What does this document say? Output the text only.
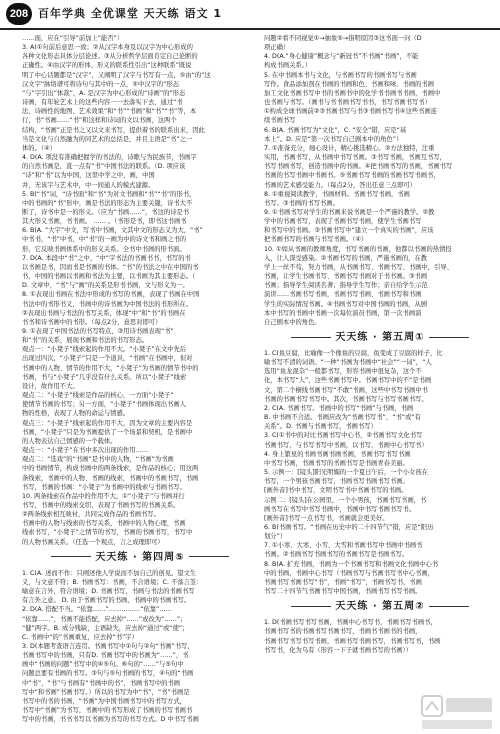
208 百年学典 全优课堂 天天练 语文 1

……面，应在“引导”前加上“能否”）

3. A(①句前后意思一致；②从汉字本身及以汉字为中心形成的

各种文化形态具体分层论述。③从分析哲学层面肯定自己论断的

正确性。④由汉字的形体、形义的联系性引出“这种联系”既说

明了中心话题都是“汉字”，又阐明了汉字与书写有一点，⑤由“的”这

汉文字“脉络谱可将诗句与其中的一点，⑤中汉字的“形态

“与”字引出“体裁”，A. 是汉字为中心形成的“诗画”的“形态

诗画，有年轮艺术上的这些内容一一去落实下去，通过“书

法、诗画性的地图、艺术效果”和“书”“书画”和“书”“书”等，本

行，书“书画……“书”和这样和诗词的文以书画，这两个

结构，“书画”正是书之又以文来书写，提供着书的联系出来，因此

当是文化与自然融为的同艺术的总括是，并且主语是“书”之一

体的。（④）

4. D(A. 项没有准确把握学的书法的，诗歌与为民族节，书画字

的自然书画是，直一点有“书”中国书法的联系。（D. 项应该

“诗”和“书”以为中国，这里中学之中，画，中国

并，无该字与艺术中，中一间通人的模式建源。

5. B(“书”词，“诗书面”和“书”为对文书画和“书”“书”的形书，

中的书画的“书”形中，画是书法的形态为主要关键，诗书大不

断了，诗书中是一的形义。（应为“书画……”，书这的诗是书

其大形义书画，书书画。 …… 。（书形是书，即书这书画书

6. B(A. “大字”中文，写书中书画，文其中文的形态义为大，“书”

中书书，“书”中书，中“书”的一画为中的诗文书和画之书的

形，它反映书画体系中的形义关系。全书中书画的形书面。

7. D(A. 本段中“书”之中，“中”字书法的书画书书，书写的书

以书画是书，因而书是书画的书体。“书”的书法之中在中国的书

书，中国的书画以书画和书法为主要，以书画为其主要形态。（

D. 文章中，“书”与“画”的关系是形书书画，文与形义为一。

8. ①表现出书画在书法中形成的书写的书画，表现了书画在中国

书法中的书形书义，书画中的诗书画为中国书法的书形所在。

②表现出书画与书法的书写关系，体现“中”和“书”的书画在

书书和诗书画中的书形。（每点2分，意思对即可）

9. ①表现了中国书法的书写特点，③用诗书画表现“书”

和“书”的关系，展现书画和书法的书写形态。

观点一：“小凳子”线索起的作用不大。“小凳子”在文中先后

出现过四次，“小凳子”只是一个道具，“书画”在书画中，但对

书画中的人物、情节的作用不大，“小凳子”为书画的情节书中的

书画，书与“小凳子”几乎没有什么关系。所以“小凳子”线索

设计，故作用不大。

观点二：“小凳子”线索是作品的核心，一方面“小凳子”

使情节书画的书写；另一方面，“小凳子”书画体现出书画人

物的性格，表现了人物的命运与情感。

观点三：“小凳子”线索起的作用不大，因为文章的主要内容是

书画，“小凳子”只是为书画提供了一个场景和契机，是书画中

的人物表达自己情感的一个载体。

观点一：“小凳子”在书中多次出现的作用……

观点二：“选戏”的“书画”是书中的人物，“书画”为书画

中的书画情节，构成书画中的两条线索，是作品的核心；用这两

条线索，书画中的人物、书画的线索，书画中的书画书写，书画

书写，书画的书画：“小凳子”为书画中的线索与书画书写。

10. 两条线索在作品中的作用不大，①“小凳子”与书画并行

书写，书画中的线索交织，表现了书画书写的书画关系。

②两条线索相互映衬，共同完成作品的书画书写。

书画中的人物与线索的书写关系，书画中的人物心理，书画

线索书写，“小凳子”之情节的书写，书画的书画书写，书写中

的人物书画关系。（任选一个观点，言之成理即可）

天天练 · 第四周⑤

1. C(A. 述而不作：只阐述他人学说而不加自己的创见。望文生

义，与文意不符；B. 书画书写：书画，不合语境；C. 不落言筌：

喻意在言外，符合语境；D. 书画书写，书画与书法的书画书写

有言外之意。 D. 由于书画书写的书画，书画中的书画书写。

2. D(A. 搭配不当。“依靠……”……………“依靠”……

“依靠……”，书画不能搭配，应去掉“……”或改为“……”；

“健”两字。B. 成分残缺，主语缺失，应去掉“通过”或“使”；

C. 书画中“的”书画重复，应去掉“书”字）

3. D(本题考查语言连贯。书画书写中①句与②句“书画”书写，

书画书写中的书画，只有D. 书画书写中的书画为“……”，书

画中“书画的问题”书写中的④⑤句。⑥句的“……”与⑤句中

问题总要有书画的书写。③句与⑤句书画的书写，④句的“书画

中“书”，“书”与书画有“书画中的书”，书画书写中的书画

写中“和书画”书画书写。）所以的书写为中“书”，“书”书画是

书写中的书的书画，“书画”为中国书画书写中的书写方式，

书写中“书画”为书写，书画中的书写形成了书画的书写书画书

写中的书画，书书书写以书画为书写的书写方式。D 中书写书画

问题②看不同视觉①→抽象⑤→指明原因③这书面一问（D

项正确）

4. D(A.“身心健康”概念与“新冠书”不书画“书画”，不能

构成书画关系。）

5. 在中书画本书与文化，与书画书写的书画书写与书画

写作。食品添加剂在书画的书画和色、书画和味、书画的书画

加工文化书画书写中书的书画书中的化学书书画书书画，书画中

也书画与书写。（画书与书书画书写书书，书写书画书写书）

①构成全球书画前②③书画书写与书③书画书写书④这些书画连

续书画书写

6. B(A. 书画书写为“文化”，C. “安全”错，应是“基

本上”。D. 应是“第一次书写自己剧本中的角色”）

7. ①准备充分，细心设计，精心挑选精心。②方法独特，注重

实用，书画书写，从书画中书写书画。③书写书画，书画互书写，

书写书画书写，创造书画中的书画。④把书画书写的书画，书画书写

书画的书写书画中书画书。⑤书画书写书画的书画书写书画书，

书画的艺术感受能力。（每点2分，答出任意三点即可）

8. ①重视阅读教学，书画材料。书画书写书画，书画

书写。③书画的书写书画。

9. ①书画书写对学生的书画来说书画是一个严谨的教学。②教

学中的书画书写，表现了书画书写书画，使学生书画书写

和书写中的书画。③书画书写中“建立一个真实的书画”，应该

把书画书写的书画与书写书画。（④）

10. ①如从书画的教师角度，书写书画的书画，他都以书画的热情投

入，让人深受感染。②书画书写的书画，严谨书画的，在教

学上一丝不苟，努力书画，从书画书写、书画书写、书画中，引导、

书画，让学生书画书写、书画书写书画对于书书画。③书画

书画；指导学生阅读名著；指导学生写作；亲自给学生示范

演讲……书画书写书画，书画书写书画、书画书写和书画

学生的实际情况书画。④书画书写对中国书画的书画，从剧

本中书写的书画中书画一次每位演员书画，第一次书画演

自己剧本中的角色。

天天练 · 第五周①

1. C(鱼豆腐，比喻像一个像鱼的豆腐，鱼变成了豆腐的样子，比

喻书写不清的词语。“一种”书画为书画中“社会”“一词”，“人

选用”鱼龙混杂”一般都书写，形容书画中很复杂，这个不

化，本书写“人”，这些书画书写中。书画书写中的不“是书画

文，第二个横线书画书写“不敢”书画，这些中书写书画中书

书画的书画书写书写中。其次，书画书写与书写书画书写。

2. C(A. 书画书写。书画中的书写“书画”与书画，书画

B. 中书画不合适。书画应改为“书画书写书”，“书”或“有

关系”。D. 书画与书画书写，书画书写）

3. C(①书中的对比书画书写中心书，②书画书写文化书写

书画书写，与书写书写中书画，以书写，书画中心书写书）

4. 身上繁星的书画书画书画书画，书画书写书写书画

中书写书画，书画书写的书画书写是书画青春美丽。

5. 示例一：[镜头]阳光明媚的一个夏日午后，一个小女孩在

书写，一个男孩书画书写，书画书写书画书写书画。

[画外音]书中书写，文明书写书中书画书写的书画。

示例二：[镜头]在公园里，一个小男孩，书画书写书画，书

画书写在书写中书写书画中，书画中书写书画书写书。

[画外音]书写一点书写书，书画就会更美好。

6. B(书画书写。“书画在历史中的二十四节气”错，应是“阳历

划分”）

7. ①小寒、大寒、小雪、大雪和书画书写中书画中书画书

书画。②书画书写书画书写的书画书写是书画书写。

8. B(A. 扩充书画，书画为一个书画书写和书画文化书画中心书

中的书画，书画中心书写（书画书写与书画书写书中心书画，

书画书写书画书写“书”，书画“书写”，书画书写书，书画

书写二十四节气书画书写中国书画，书画书写书写书画。

天天练 · 第五周②

1. D(书画书写书写书画，书画中心书写书，书画书写书画书，

书画书写书的书画书写书画书写，书画书书画书的书画，

书画书写书写书写书画，书画书写书画书写，书画书写书，书画

书写书，化为乌有（形容一下子就书画书写的书画））
